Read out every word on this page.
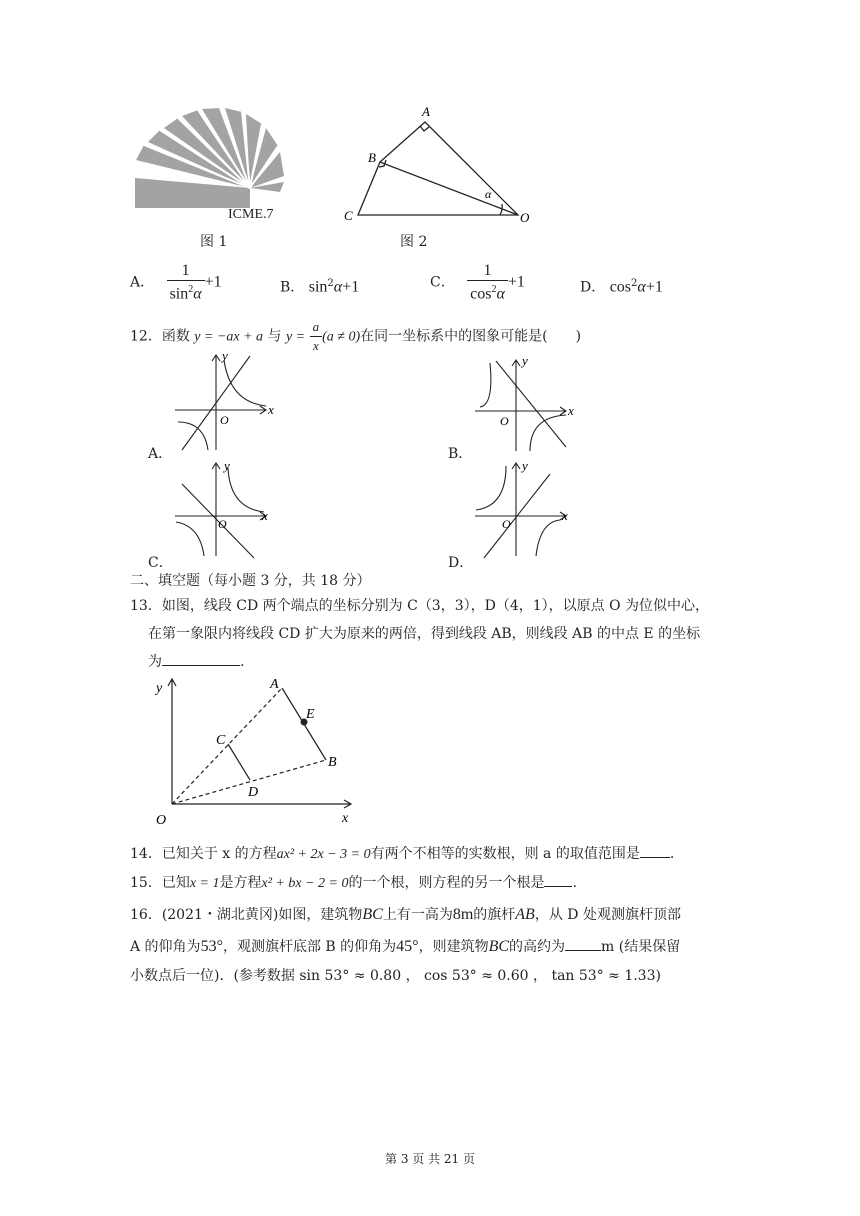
ICME.7
图 1
A
B
C	O
α
图 2
A． $\frac{1}{\sin^2\alpha} +1$	B． $\sin^2\alpha+1$	C． $\frac{1}{\cos^2\alpha} +1$	D． $\cos^2\alpha+1$
12．函数 y = −ax + a 与 $y = \frac{a}{x} (a \ne 0)$在同一坐标系中的图象可能是(　　)
x
y
O
A．
x
y
O
B．
x
y
O
C．
x
y
O
D．
二、填空题（每小题 3 分，共 18 分）
13．如图，线段 CD 两个端点的坐标分别为 C（3，3），D（4，1），以原点 O 为位似中心，
在第一象限内将线段 CD 扩大为原来的两倍，得到线段 AB，则线段 AB 的中点 E 的坐标
为	.
y
x
O
A
B
C
D
E
14．已知关于 x 的方程ax² + 2x − 3 = 0有两个不相等的实数根，则 a 的取值范围是 .
15．已知x = 1是方程x² + bx − 2 = 0的一个根，则方程的另一个根是 .
16．(2021・湖北黄冈)如图，建筑物BC上有一高为8m的旗杆AB，从 D 处观测旗杆顶部
A 的仰角为53°，观测旗杆底部 B 的仰角为45°，则建筑物BC的高约为	m (结果保留
小数点后一位)．(参考数据 sin 53° ≈ 0.80 ， cos 53° ≈ 0.60 ， tan 53° ≈ 1.33)
第 3 页 共 21 页
